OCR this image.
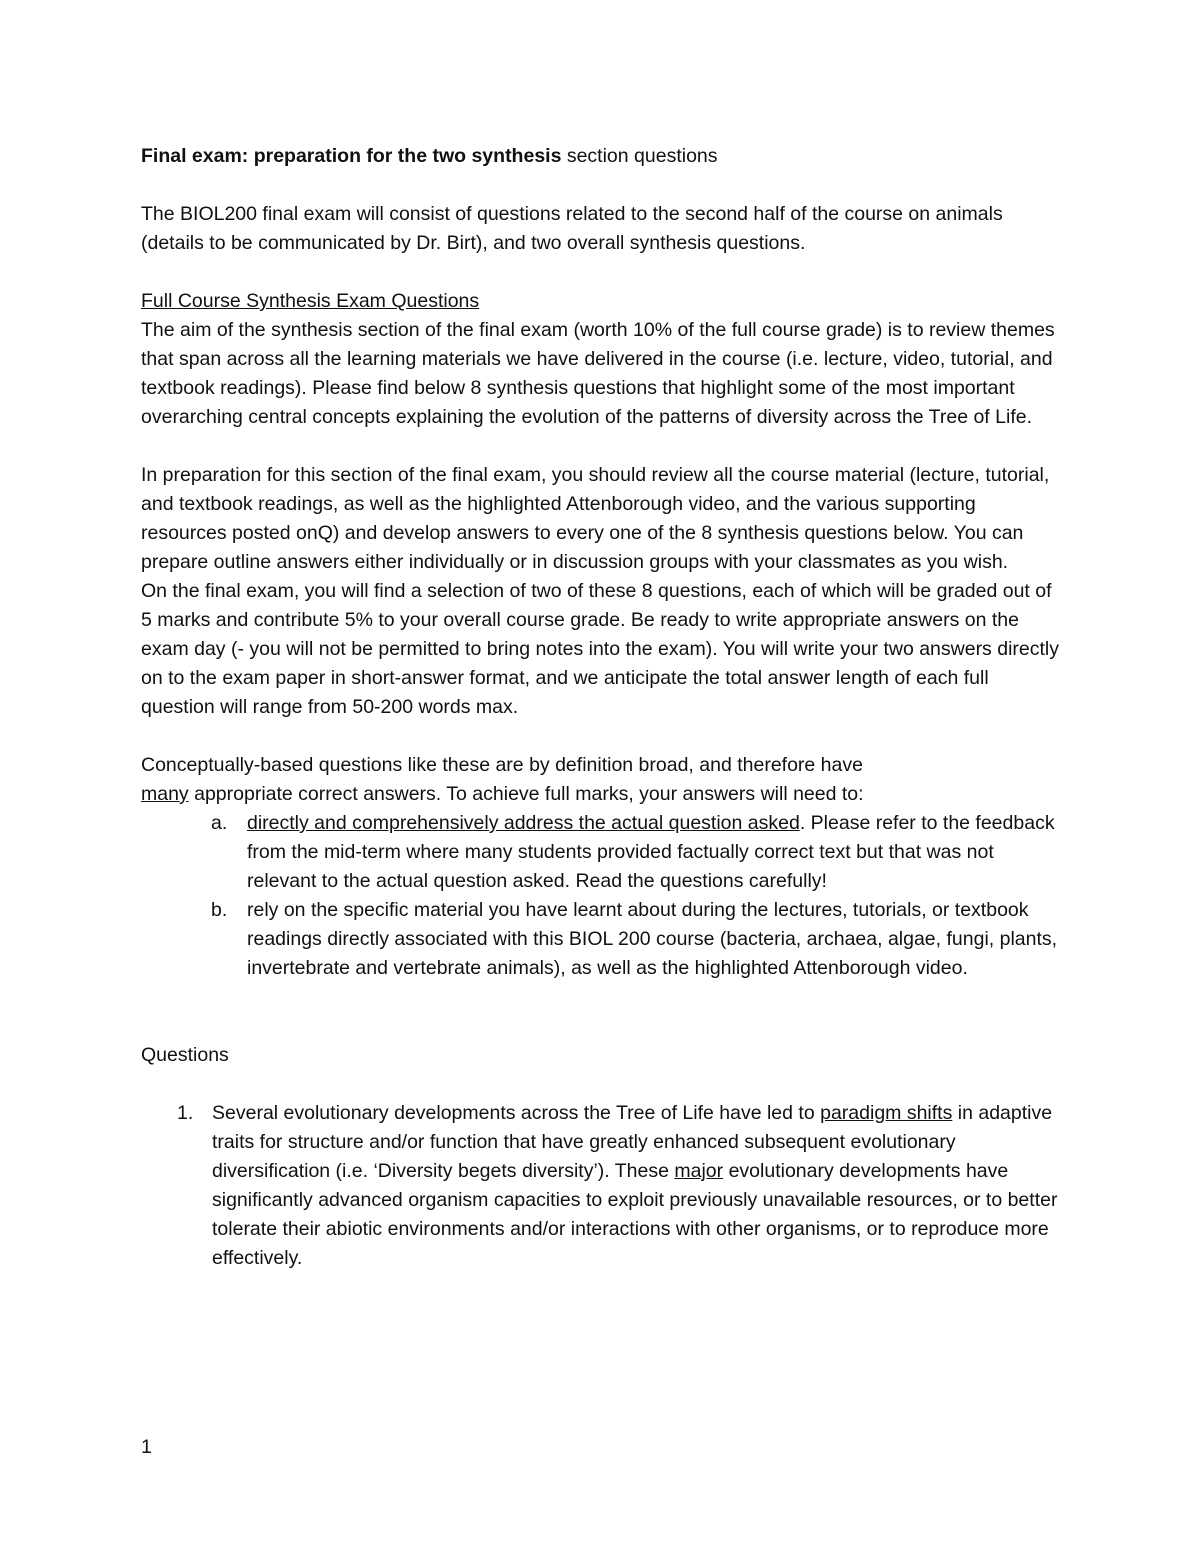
Final exam: preparation for the two synthesis section questions

The BIOL200 final exam will consist of questions related to the second half of the course on animals (details to be communicated by Dr. Birt), and two overall synthesis questions.

Full Course Synthesis Exam Questions

The aim of the synthesis section of the final exam (worth 10% of the full course grade) is to review themes that span across all the learning materials we have delivered in the course (i.e. lecture, video, tutorial, and textbook readings). Please find below 8 synthesis questions that highlight some of the most important overarching central concepts explaining the evolution of the patterns of diversity across the Tree of Life.

In preparation for this section of the final exam, you should review all the course material (lecture, tutorial, and textbook readings, as well as the highlighted Attenborough video, and the various supporting resources posted onQ) and develop answers to every one of the 8 synthesis questions below. You can prepare outline answers either individually or in discussion groups with your classmates as you wish.

On the final exam, you will find a selection of two of these 8 questions, each of which will be graded out of 5 marks and contribute 5% to your overall course grade. Be ready to write appropriate answers on the exam day (- you will not be permitted to bring notes into the exam). You will write your two answers directly on to the exam paper in short-answer format, and we anticipate the total answer length of each full question will range from 50-200 words max.

Conceptually-based questions like these are by definition broad, and therefore have
many appropriate correct answers. To achieve full marks, your answers will need to:

a. directly and comprehensively address the actual question asked. Please refer to the feedback from the mid-term where many students provided factually correct text but that was not relevant to the actual question asked. Read the questions carefully!
b. rely on the specific material you have learnt about during the lectures, tutorials, or textbook readings directly associated with this BIOL 200 course (bacteria, archaea, algae, fungi, plants, invertebrate and vertebrate animals), as well as the highlighted Attenborough video.

Questions

1. Several evolutionary developments across the Tree of Life have led to paradigm shifts in adaptive traits for structure and/or function that have greatly enhanced subsequent evolutionary diversification (i.e. ‘Diversity begets diversity’). These major evolutionary developments have significantly advanced organism capacities to exploit previously unavailable resources, or to better tolerate their abiotic environments and/or interactions with other organisms, or to reproduce more effectively.
1
